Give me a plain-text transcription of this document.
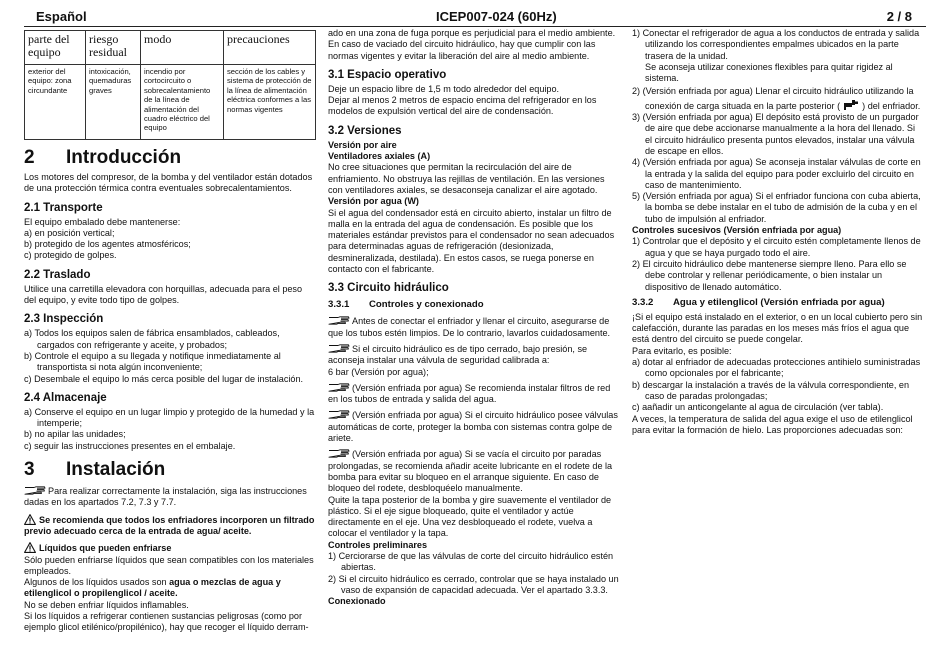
Español	ICEP007-024 (60Hz)	2 / 8
parte del equipo	riesgo residual	modo	precauciones
exterior del equipo: zona circundante	intoxicación, quemaduras graves	incendio por cortocircuito o sobrecalentamiento de la línea de alimentación del cuadro eléctrico del equipo	sección de los cables y sistema de protección de la línea de alimentación eléctrica conformes a las normas vigentes
2	Introducción

Los motores del compresor, de la bomba y del ventilador están dotados de una protección térmica contra eventuales sobrecalentamientos.

2.1 Transporte

El equipo embalado debe mantenerse:

a) en posición vertical;

b) protegido de los agentes atmosféricos;

c) protegido de golpes.

2.2 Traslado

Utilice una carretilla elevadora con horquillas, adecuada para el peso del equipo, y evite todo tipo de golpes.

2.3 Inspección

a) Todos los equipos salen de fábrica ensamblados, cableados, cargados con refrigerante y aceite, y probados;

b) Controle el equipo a su llegada y notifique inmediatamente al transportista si nota algún inconveniente;

c) Desembale el equipo lo más cerca posible del lugar de instalación.

2.4 Almacenaje

a) Conserve el equipo en un lugar limpio y protegido de la humedad y la intemperie;

b) no apilar las unidades;

c) seguir las instrucciones presentes en el embalaje.

3	Instalación

Para realizar correctamente la instalación, siga las instrucciones dadas en los apartados 7.2, 7.3 y 7.7.

Se recomienda que todos los enfriadores incorporen un filtrado previo adecuado cerca de la entrada de agua/ aceite.

Líquidos que pueden enfriarse

Sólo pueden enfriarse líquidos que sean compatibles con los materiales empleados.

Algunos de los líquidos usados son agua o mezclas de agua y etilenglicol o propilenglicol / aceite.

No se deben enfriar líquidos inflamables.

Si los líquidos a refrigerar contienen sustancias peligrosas (como por ejemplo glicol etilénico/propilénico), hay que recoger el líquido derram-

ado en una zona de fuga porque es perjudicial para el medio ambiente. En caso de vaciado del circuito hidráulico, hay que cumplir con las normas vigentes y evitar la liberación del aire al medio ambiente.

3.1 Espacio operativo

Deje un espacio libre de 1,5 m todo alrededor del equipo.

Dejar al menos 2 metros de espacio encima del refrigerador en los modelos de expulsión vertical del aire de condensación.

3.2 Versiones

Versión por aire

Ventiladores axiales (A)

No cree situaciones que permitan la recirculación del aire de enfriamiento. No obstruya las rejillas de ventilación. En las versiones con ventiladores axiales, se desaconseja canalizar el aire agotado.

Versión por agua (W)

Si el agua del condensador está en circuito abierto, instalar un filtro de malla en la entrada del agua de condensación. Es posible que los materiales estándar previstos para el condensador no sean adecuados para determinadas aguas de refrigeración (desionizada, desmineralizada, destilada). En estos casos, se ruega ponerse en contacto con el fabricante.

3.3 Circuito hidráulico
3.3.1 Controles y conexionado

Antes de conectar el enfriador y llenar el circuito, asegurarse de que los tubos estén limpios. De lo contrario, lavarlos cuidadosamente.

Si el circuito hidráulico es de tipo cerrado, bajo presión, se aconseja instalar una válvula de seguridad calibrada a:

6 bar (Versión por agua);

(Versión enfriada por agua) Se recomienda instalar filtros de red en los tubos de entrada y salida del agua.

(Versión enfriada por agua) Si el circuito hidráulico posee válvulas automáticas de corte, proteger la bomba con sistemas contra golpe de ariete.

(Versión enfriada por agua) Si se vacía el circuito por paradas prolongadas, se recomienda añadir aceite lubricante en el rodete de la bomba para evitar su bloqueo en el arranque siguiente. En caso de bloqueo del rodete, desbloquéelo manualmente.

Quite la tapa posterior de la bomba y gire suavemente el ventilador de plástico. Si el eje sigue bloqueado, quite el ventilador y actúe directamente en el eje. Una vez desbloqueado el rodete, vuelva a colocar el ventilador y la tapa.

Controles preliminares

1) Cerciorarse de que las válvulas de corte del circuito hidráulico estén abiertas.

2) Si el circuito hidráulico es cerrado, controlar que se haya instalado un vaso de expansión de capacidad adecuada. Ver el apartado 3.3.3.

Conexionado

1) Conectar el refrigerador de agua a los conductos de entrada y salida utilizando los correspondientes empalmes ubicados en la parte trasera de la unidad.

Se aconseja utilizar conexiones flexibles para quitar rigidez al sistema.

2) (Versión enfriada por agua) Llenar el circuito hidráulico utilizando la conexión de carga situada en la parte posterior ( ) del enfriador.

3) (Versión enfriada por agua) El depósito está provisto de un purgador de aire que debe accionarse manualmente a la hora del llenado. Si el circuito hidráulico presenta puntos elevados, instalar una válvula de escape en ellos.

4) (Versión enfriada por agua) Se aconseja instalar válvulas de corte en la entrada y la salida del equipo para poder excluirlo del circuito en caso de mantenimiento.

5) (Versión enfriada por agua) Si el enfriador funciona con cuba abierta, la bomba se debe instalar en el tubo de admisión de la cuba y en el tubo de impulsión al enfriador.

Controles sucesivos (Versión enfriada por agua)

1) Controlar que el depósito y el circuito estén completamente llenos de agua y que se haya purgado todo el aire.

2) El circuito hidráulico debe mantenerse siempre lleno. Para ello se debe controlar y rellenar periódicamente, o bien instalar un dispositivo de llenado automático.

3.3.2 Agua y etilenglicol (Versión enfriada por agua)

¡Si el equipo está instalado en el exterior, o en un local cubierto pero sin calefacción, durante las paradas en los meses más fríos el agua que está dentro del circuito se puede congelar.

Para evitarlo, es posible:

a) dotar al enfriador de adecuadas protecciones antihielo suministradas como opcionales por el fabricante;

b) descargar la instalación a través de la válvula correspondiente, en caso de paradas prolongadas;

c) aañadir un anticongelante al agua de circulación (ver tabla).

A veces, la temperatura de salida del agua exige el uso de etilenglicol para evitar la formación de hielo. Las proporciones adecuadas son:
